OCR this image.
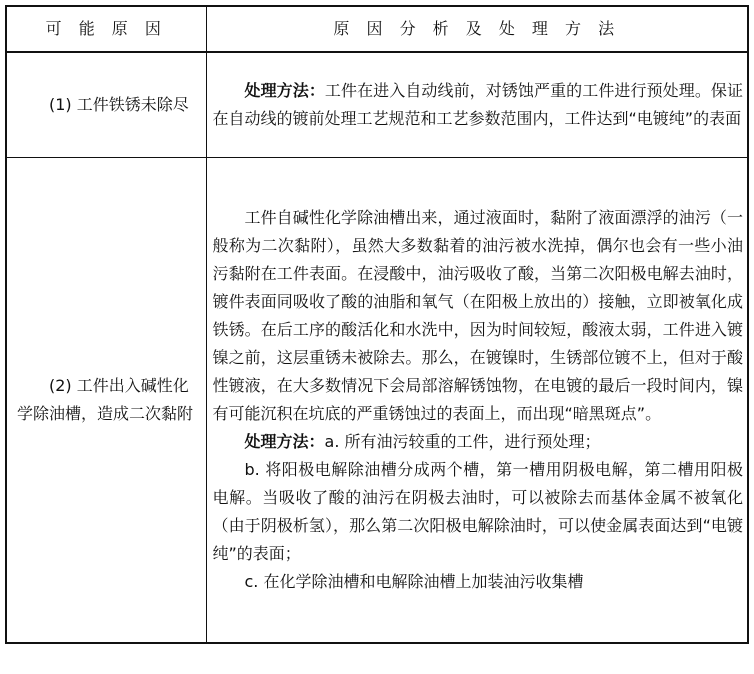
可 能 原 因	原 因 分 析 及 处 理 方 法

(1) 工件铁锈未除尽	处理方法：工件在进入自动线前，对锈蚀严重的工件进行预处理。保证在自动线的镀前处理工艺规范和工艺参数范围内，工件达到“电镀纯”的表面

(2) 工件出入碱性化学除油槽，造成二次黏附	工件自碱性化学除油槽出来，通过液面时，黏附了液面漂浮的油污（一般称为二次黏附），虽然大多数黏着的油污被水洗掉，偶尔也会有一些小油污黏附在工件表面。在浸酸中，油污吸收了酸，当第二次阳极电解去油时，镀件表面同吸收了酸的油脂和氧气（在阳极上放出的）接触，立即被氧化成铁锈。在后工序的酸活化和水洗中，因为时间较短，酸液太弱，工件进入镀镍之前，这层重锈未被除去。那么，在镀镍时，生锈部位镀不上，但对于酸性镀液，在大多数情况下会局部溶解锈蚀物，在电镀的最后一段时间内，镍有可能沉积在坑底的严重锈蚀过的表面上，而出现“暗黑斑点”。

处理方法：a. 所有油污较重的工件，进行预处理；

b. 将阳极电解除油槽分成两个槽，第一槽用阴极电解，第二槽用阳极电解。当吸收了酸的油污在阴极去油时，可以被除去而基体金属不被氧化（由于阴极析氢），那么第二次阳极电解除油时，可以使金属表面达到“电镀纯”的表面；

c. 在化学除油槽和电解除油槽上加装油污收集槽
